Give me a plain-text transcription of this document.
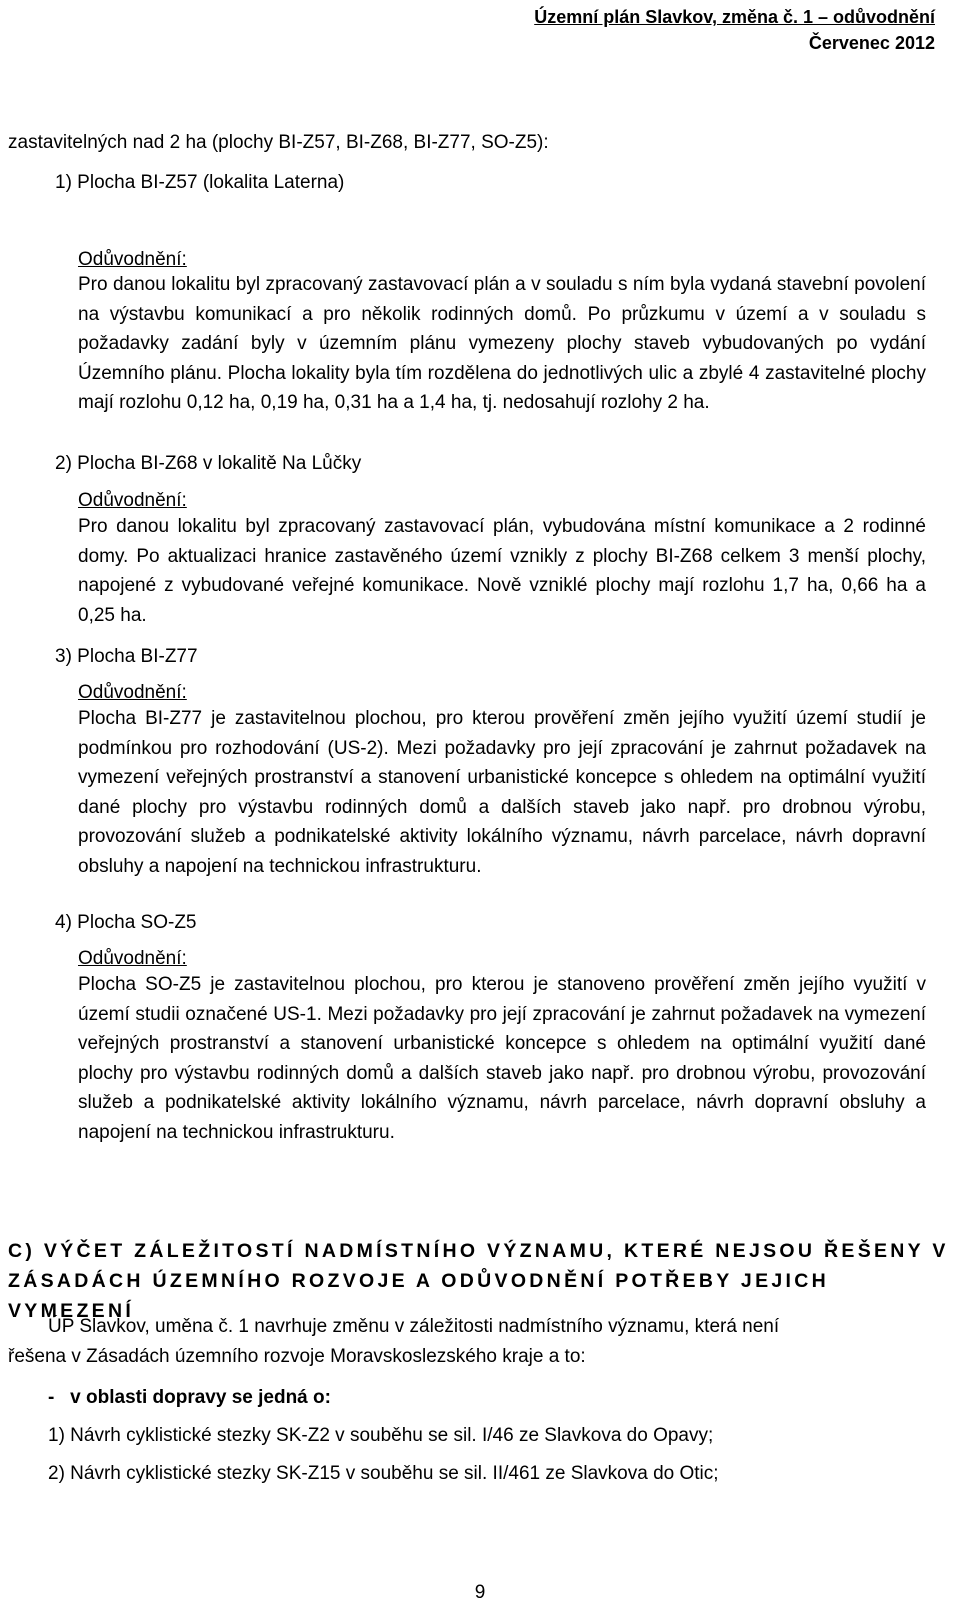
Územní plán Slavkov, změna č. 1 – odůvodnění
Červenec 2012

zastavitelných nad 2 ha (plochy BI-Z57, BI-Z68, BI-Z77, SO-Z5):

1) Plocha BI-Z57 (lokalita Laterna)

Odůvodnění:

Pro danou lokalitu byl zpracovaný zastavovací plán a v souladu s ním byla vydaná stavební povolení na výstavbu komunikací a pro několik rodinných domů. Po průzkumu v území a v souladu s požadavky zadání byly v územním plánu vymezeny plochy staveb vybudovaných po vydání Územního plánu. Plocha lokality byla tím rozdělena do jednotlivých ulic a zbylé 4 zastavitelné plochy mají rozlohu 0,12 ha, 0,19 ha, 0,31 ha a 1,4 ha, tj. nedosahují rozlohy 2 ha.

2) Plocha BI-Z68 v lokalitě Na Lůčky

Odůvodnění:

Pro danou lokalitu byl zpracovaný zastavovací plán, vybudována místní komunikace a 2 rodinné domy. Po aktualizaci hranice zastavěného území vznikly z plochy BI-Z68 celkem 3 menší plochy, napojené z vybudované veřejné komunikace. Nově vzniklé plochy mají rozlohu 1,7 ha, 0,66 ha a 0,25 ha.

3) Plocha BI-Z77

Odůvodnění:

Plocha BI-Z77 je zastavitelnou plochou, pro kterou prověření změn jejího využití území studií je podmínkou pro rozhodování (US-2). Mezi požadavky pro její zpracování je zahrnut požadavek na vymezení veřejných prostranství a stanovení urbanistické koncepce s ohledem na optimální využití dané plochy pro výstavbu rodinných domů a dalších staveb jako např. pro drobnou výrobu, provozování služeb a podnikatelské aktivity lokálního významu, návrh parcelace, návrh dopravní obsluhy a napojení na technickou infrastrukturu.

4) Plocha SO-Z5

Odůvodnění:

Plocha SO-Z5 je zastavitelnou plochou, pro kterou je stanoveno prověření změn jejího využití v území studii označené US-1. Mezi požadavky pro její zpracování je zahrnut požadavek na vymezení veřejných prostranství a stanovení urbanistické koncepce s ohledem na optimální využití dané plochy pro výstavbu rodinných domů a dalších staveb jako např. pro drobnou výrobu, provozování služeb a podnikatelské aktivity lokálního významu, návrh parcelace, návrh dopravní obsluhy a napojení na technickou infrastrukturu.

C) VÝČET ZÁLEŽITOSTÍ NADMÍSTNÍHO VÝZNAMU, KTERÉ NEJSOU ŘEŠENY V ZÁSADÁCH ÚZEMNÍHO ROZVOJE A ODŮVODNĚNÍ POTŘEBY JEJICH VYMEZENÍ

ÚP Slavkov, uměna č. 1 navrhuje změnu v záležitosti nadmístního významu, která není

řešena v Zásadách územního rozvoje Moravskoslezského kraje a to:

-   v oblasti dopravy se jedná o:

1) Návrh cyklistické stezky SK-Z2 v souběhu se sil. I/46 ze Slavkova do Opavy;

2) Návrh cyklistické stezky SK-Z15 v souběhu se sil. II/461 ze Slavkova do Otic;

9
